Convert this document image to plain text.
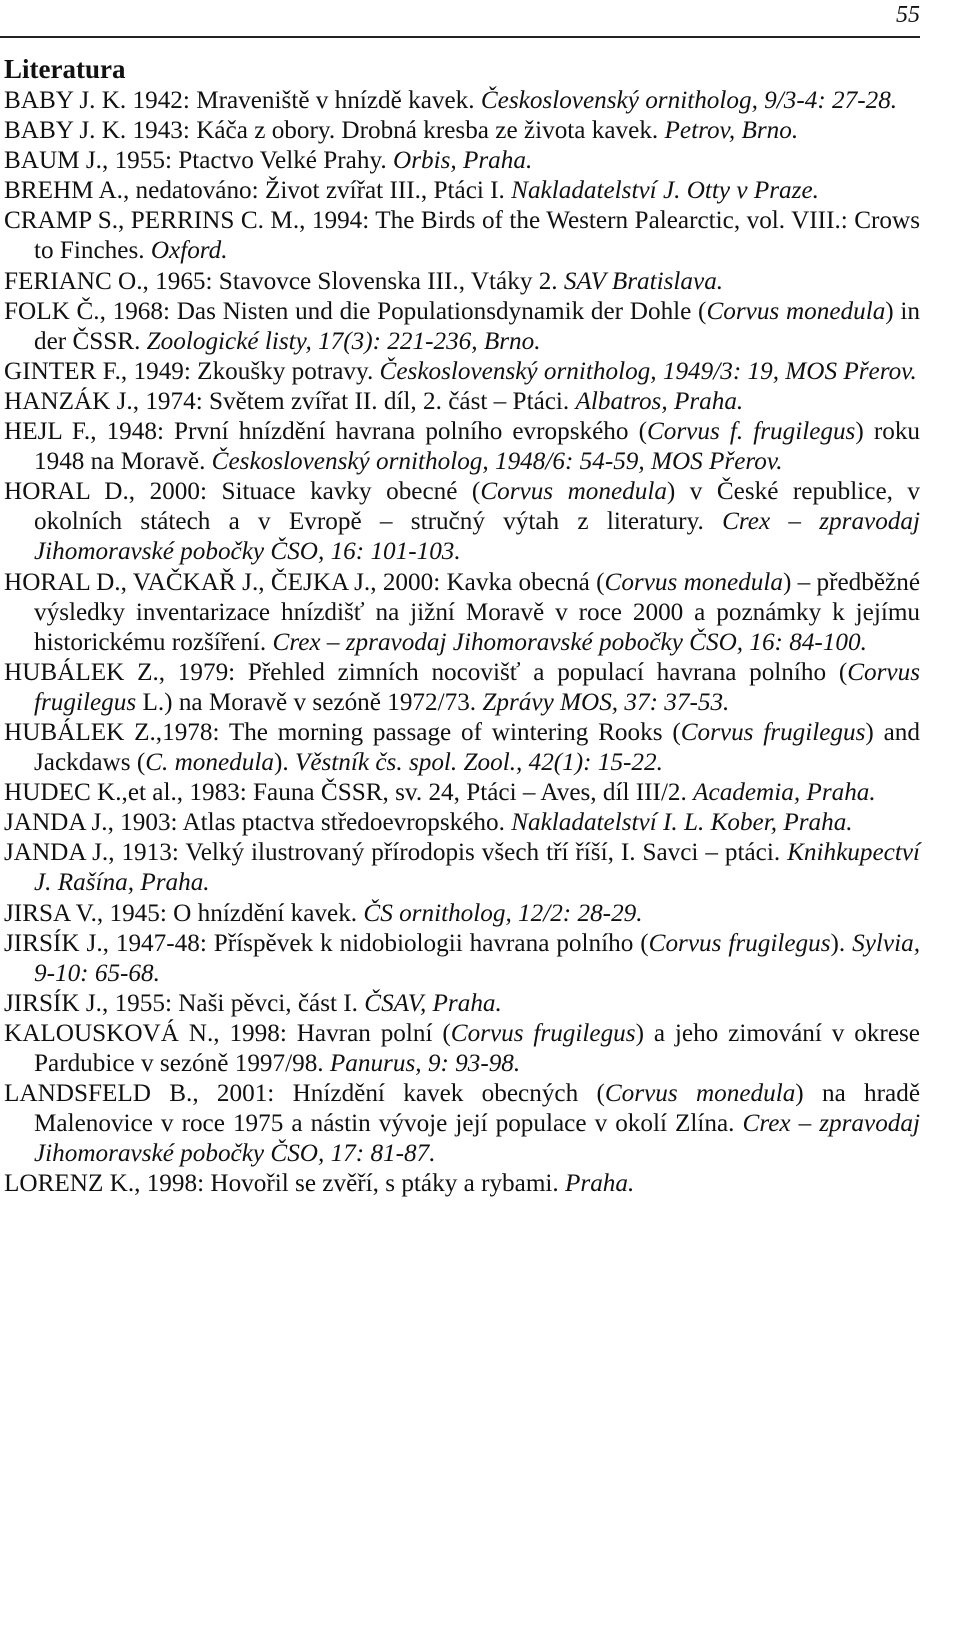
55
Literatura

BABY J. K. 1942: Mraveniště v hnízdě kavek. Československý ornitholog, 9/3-4: 27-28.

BABY J. K. 1943: Káča z obory. Drobná kresba ze života kavek. Petrov, Brno.

BAUM J., 1955: Ptactvo Velké Prahy. Orbis, Praha.

BREHM A., nedatováno: Život zvířat III., Ptáci I. Nakladatelství J. Otty v Praze.

CRAMP S., PERRINS C. M., 1994: The Birds of the Western Palearctic, vol. VIII.: Crows to Finches. Oxford.

FERIANC O., 1965: Stavovce Slovenska III., Vtáky 2. SAV Bratislava.

FOLK Č., 1968: Das Nisten und die Populationsdynamik der Dohle (Corvus monedula) in der ČSSR. Zoologické listy, 17(3): 221-236, Brno.

GINTER F., 1949: Zkoušky potravy. Československý ornitholog, 1949/3: 19, MOS Přerov.

HANZÁK J., 1974: Světem zvířat II. díl, 2. část – Ptáci. Albatros, Praha.

HEJL F., 1948: První hnízdění havrana polního evropského (Corvus f. frugilegus) roku 1948 na Moravě. Československý ornitholog, 1948/6: 54-59, MOS Přerov.

HORAL D., 2000: Situace kavky obecné (Corvus monedula) v České republice, v okolních státech a v Evropě – stručný výtah z literatury. Crex – zpravodaj Jihomoravské pobočky ČSO, 16: 101-103.

HORAL D., VAČKAŘ J., ČEJKA J., 2000: Kavka obecná (Corvus monedula) – předběžné výsledky inventarizace hnízdišť na jižní Moravě v roce 2000 a poznámky k jejímu historickému rozšíření. Crex – zpravodaj Jihomoravské pobočky ČSO, 16: 84-100.

HUBÁLEK Z., 1979: Přehled zimních nocovišť a populací havrana polního (Corvus frugilegus L.) na Moravě v sezóně 1972/73. Zprávy MOS, 37: 37-53.

HUBÁLEK Z.,1978: The morning passage of wintering Rooks (Corvus frugilegus) and Jackdaws (C. monedula). Věstník čs. spol. Zool., 42(1): 15-22.

HUDEC K.,et al., 1983: Fauna ČSSR, sv. 24, Ptáci – Aves, díl III/2. Academia, Praha.

JANDA J., 1903: Atlas ptactva středoevropského. Nakladatelství I. L. Kober, Praha.

JANDA J., 1913: Velký ilustrovaný přírodopis všech tří říší, I. Savci – ptáci. Knihkupectví J. Rašína, Praha.

JIRSA V., 1945: O hnízdění kavek. ČS ornitholog, 12/2: 28-29.

JIRSÍK J., 1947-48: Příspěvek k nidobiologii havrana polního (Corvus frugilegus). Sylvia, 9-10: 65-68.

JIRSÍK J., 1955: Naši pěvci, část I. ČSAV, Praha.

KALOUSKOVÁ N., 1998: Havran polní (Corvus frugilegus) a jeho zimování v okrese Pardubice v sezóně 1997/98. Panurus, 9: 93-98.

LANDSFELD B., 2001: Hnízdění kavek obecných (Corvus monedula) na hradě Malenovice v roce 1975 a nástin vývoje její populace v okolí Zlína. Crex – zpravodaj Jihomoravské pobočky ČSO, 17: 81-87.

LORENZ K., 1998: Hovořil se zvěří, s ptáky a rybami. Praha.
